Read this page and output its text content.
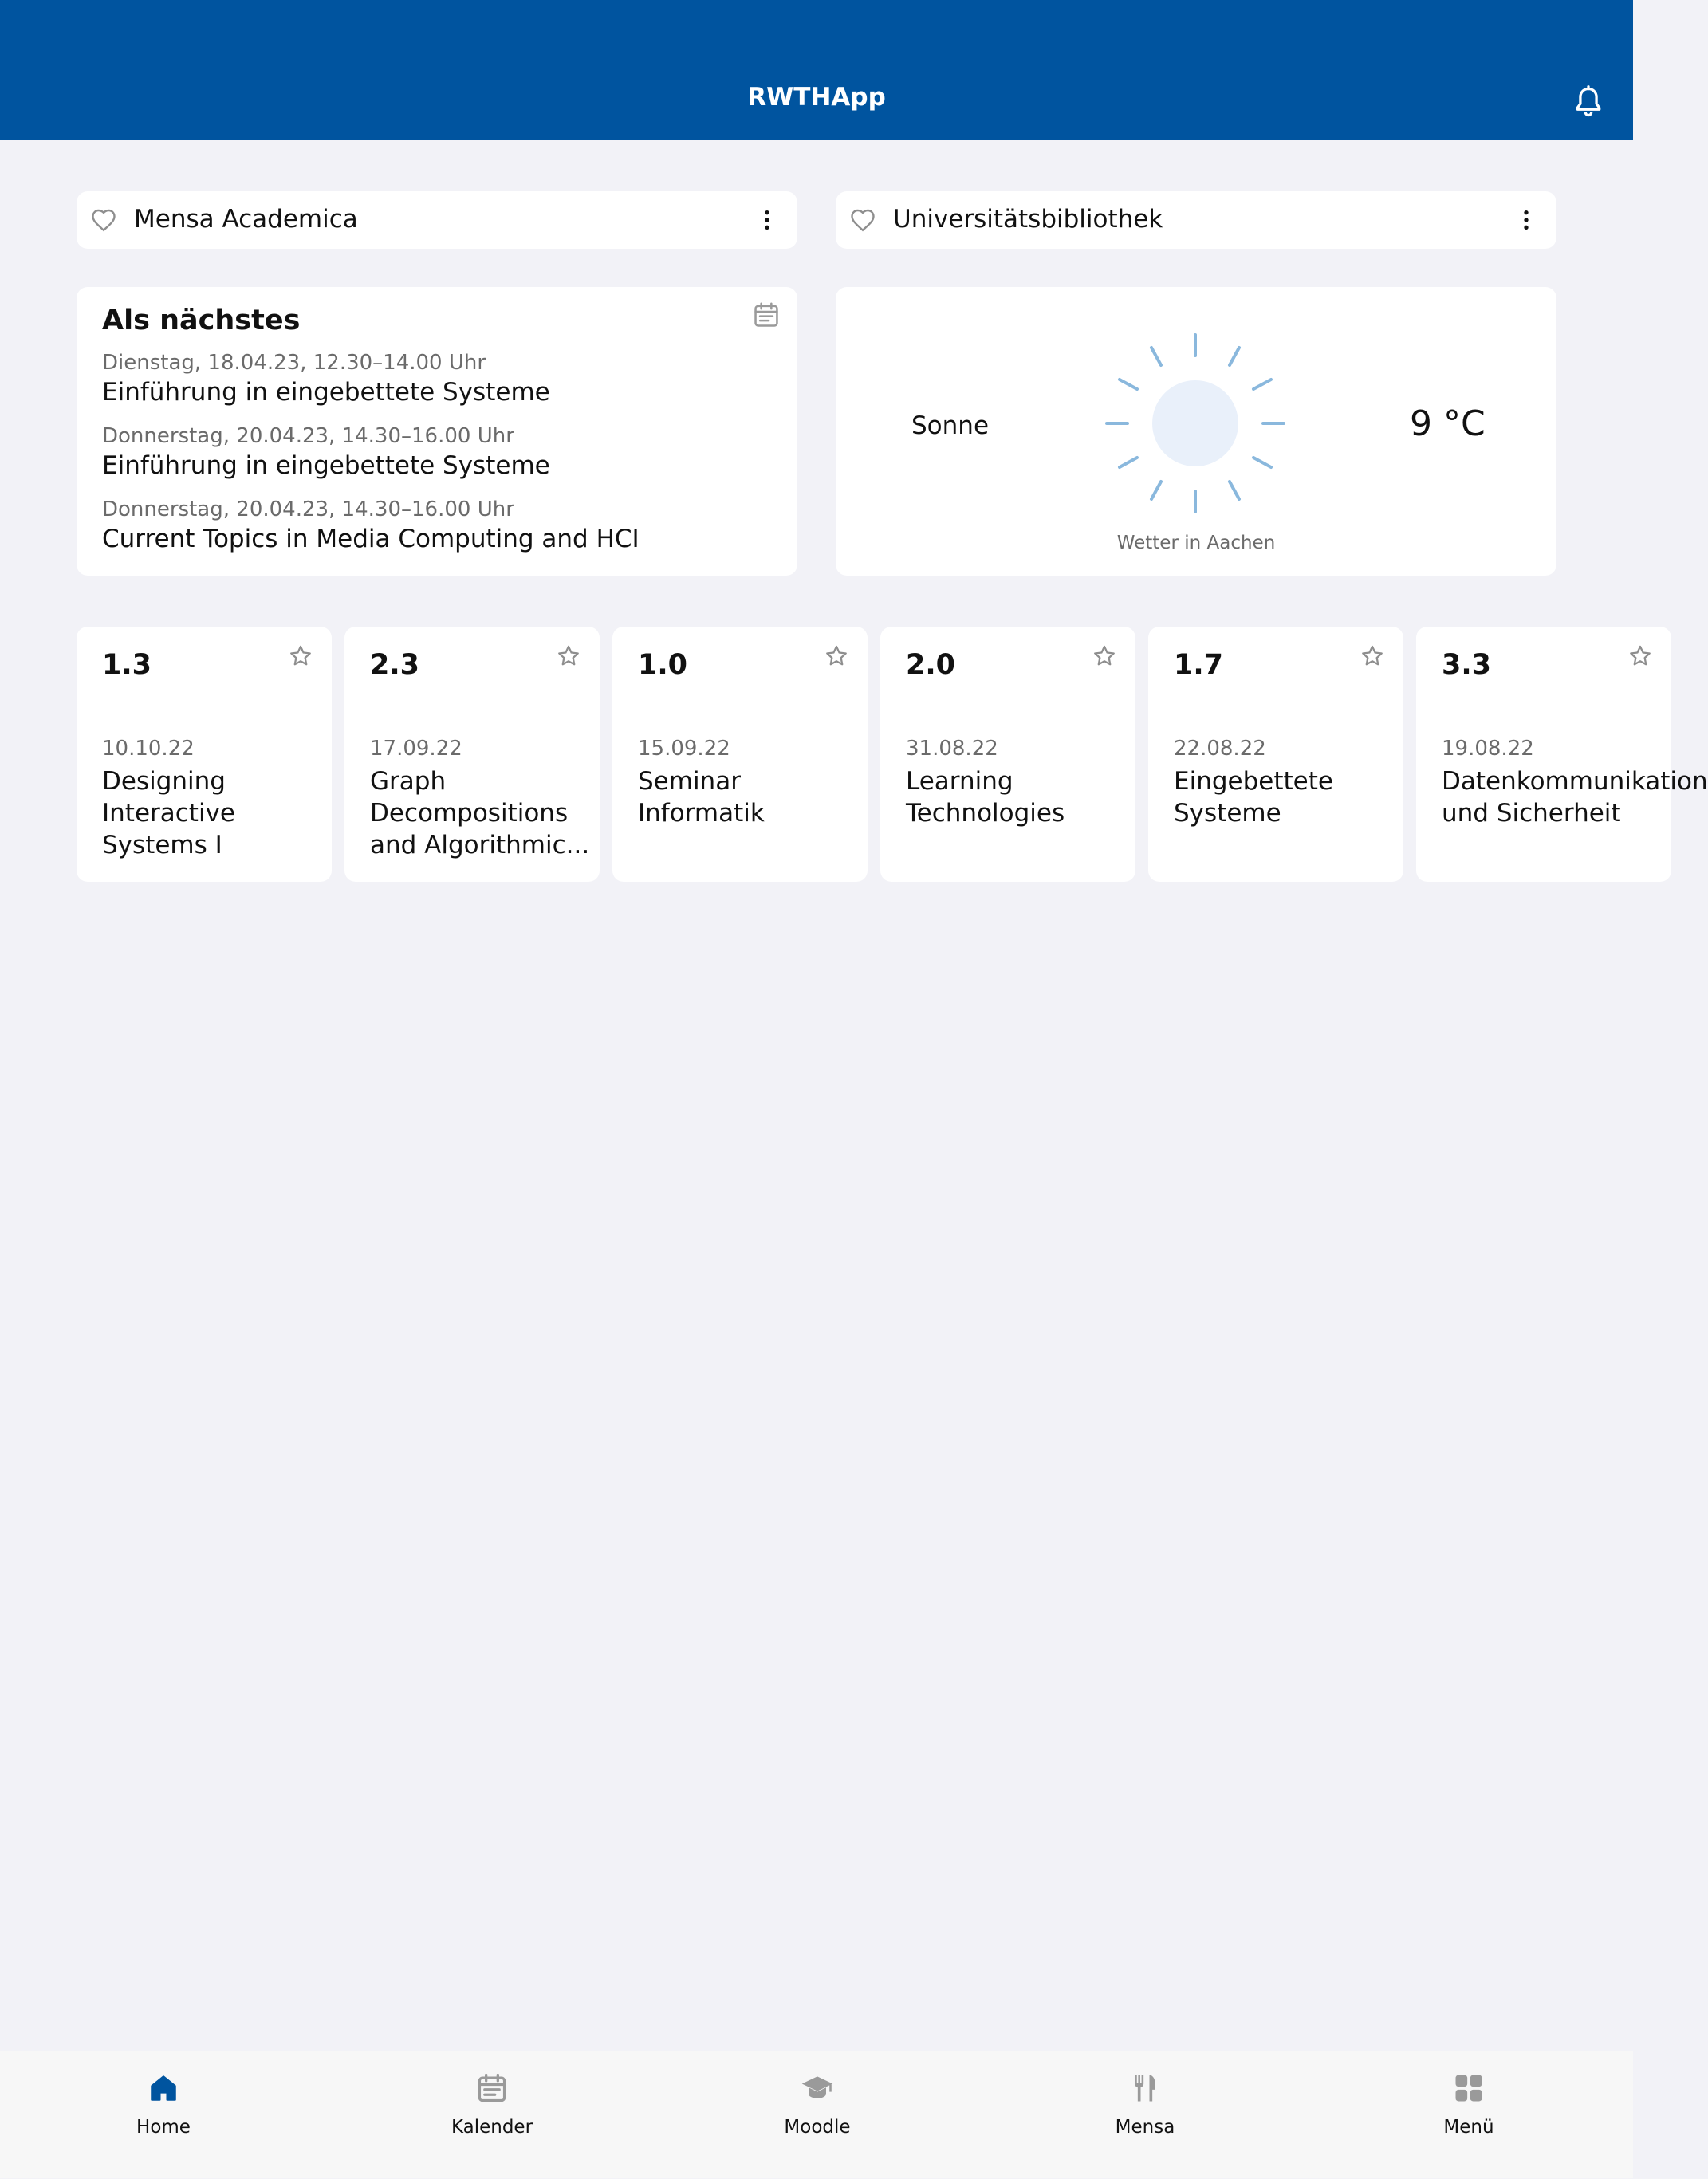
RWTHApp
Mensa Academica	Universitätsbibliothek
Als nächstes
Dienstag, 18.04.23, 12.30–14.00 Uhr
Einführung in eingebettete Systeme
Donnerstag, 20.04.23, 14.30–16.00 Uhr
Einführung in eingebettete Systeme
Donnerstag, 20.04.23, 14.30–16.00 Uhr
Current Topics in Media Computing and HCI
Sonne	9 °C
Wetter in Aachen
1.3
10.10.22
Designing Interactive Systems I
2.3
17.09.22
Graph Decompositions and Algorithmic...
1.0
15.09.22
Seminar Informatik
2.0
31.08.22
Learning Technologies
1.7
22.08.22
Eingebettete Systeme
3.3
19.08.22
Datenkommunikation und Sicherheit
Home	Kalender	Moodle	Mensa	Menü
